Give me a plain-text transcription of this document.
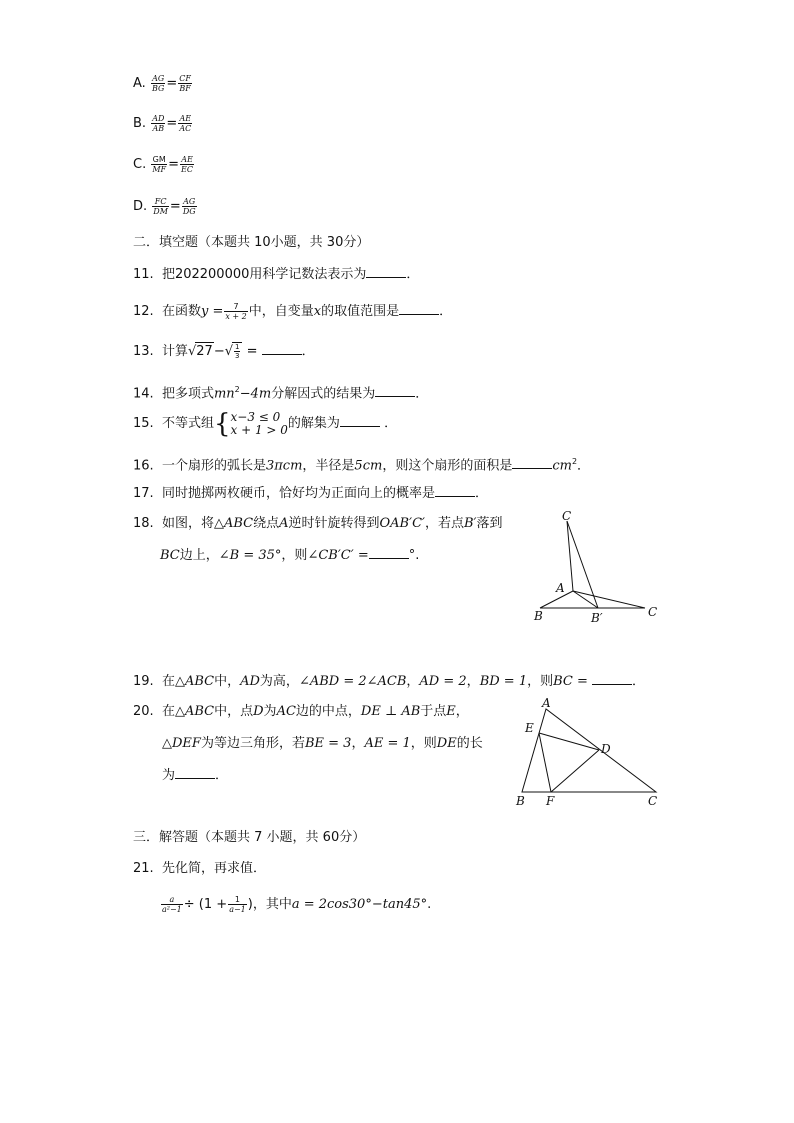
A. $\frac{AG}{BG} = \frac{CF}{BF}$
B. $\frac{AD}{AB} = \frac{AE}{AC}$
C. $\frac{GM}{MF} = \frac{AE}{EC}$
D. $\frac{FC}{DM} = \frac{AG}{DG}$
二．填空题（本题共 10小题，共 30分）
11. 把202200000用科学记数法表示为	．
12. 在函数$y = \frac{7}{x + 2}$ 中，自变量x的取值范围是	．
13. 计算$√27-√ \frac{1}{3}$ =	．
14. 把多项式$mn^2-4m$分解因式的结果为	．
15. 不等式组{ x−3 ≤ 0
x + 1 > 0 的解集为	．
16. 一个扇形的弧长是3πcm，半径是5cm，则这个扇形的面积是	$cm^2$．
17. 同时抛掷两枚硬币，恰好均为正面向上的概率是	．
18. 如图，将△ABC绕点A逆时针旋转得到OAB′C′，若点B′落到
BC边上，∠B = 35°，则∠CB′C′ =	°.
C
A
B	B′	C
19. 在△ABC中，AD为高，∠ABD = 2∠ACB，AD = 2，BD = 1，则BC =	．
20. 在△ABC中，点D为AC边的中点，DE ⊥ AB于点E，
△DEF为等边三角形，若BE = 3，AE = 1，则DE的长
为	．
A
E
D
B F	C
三．解答题（本题共 7 小题，共 60分）
21. 先化简，再求值．
$\frac{a}{\text{a²−1}} \div (1 + \frac{1}{a-1}$ )，其中a = 2cos30°−tan45°.
